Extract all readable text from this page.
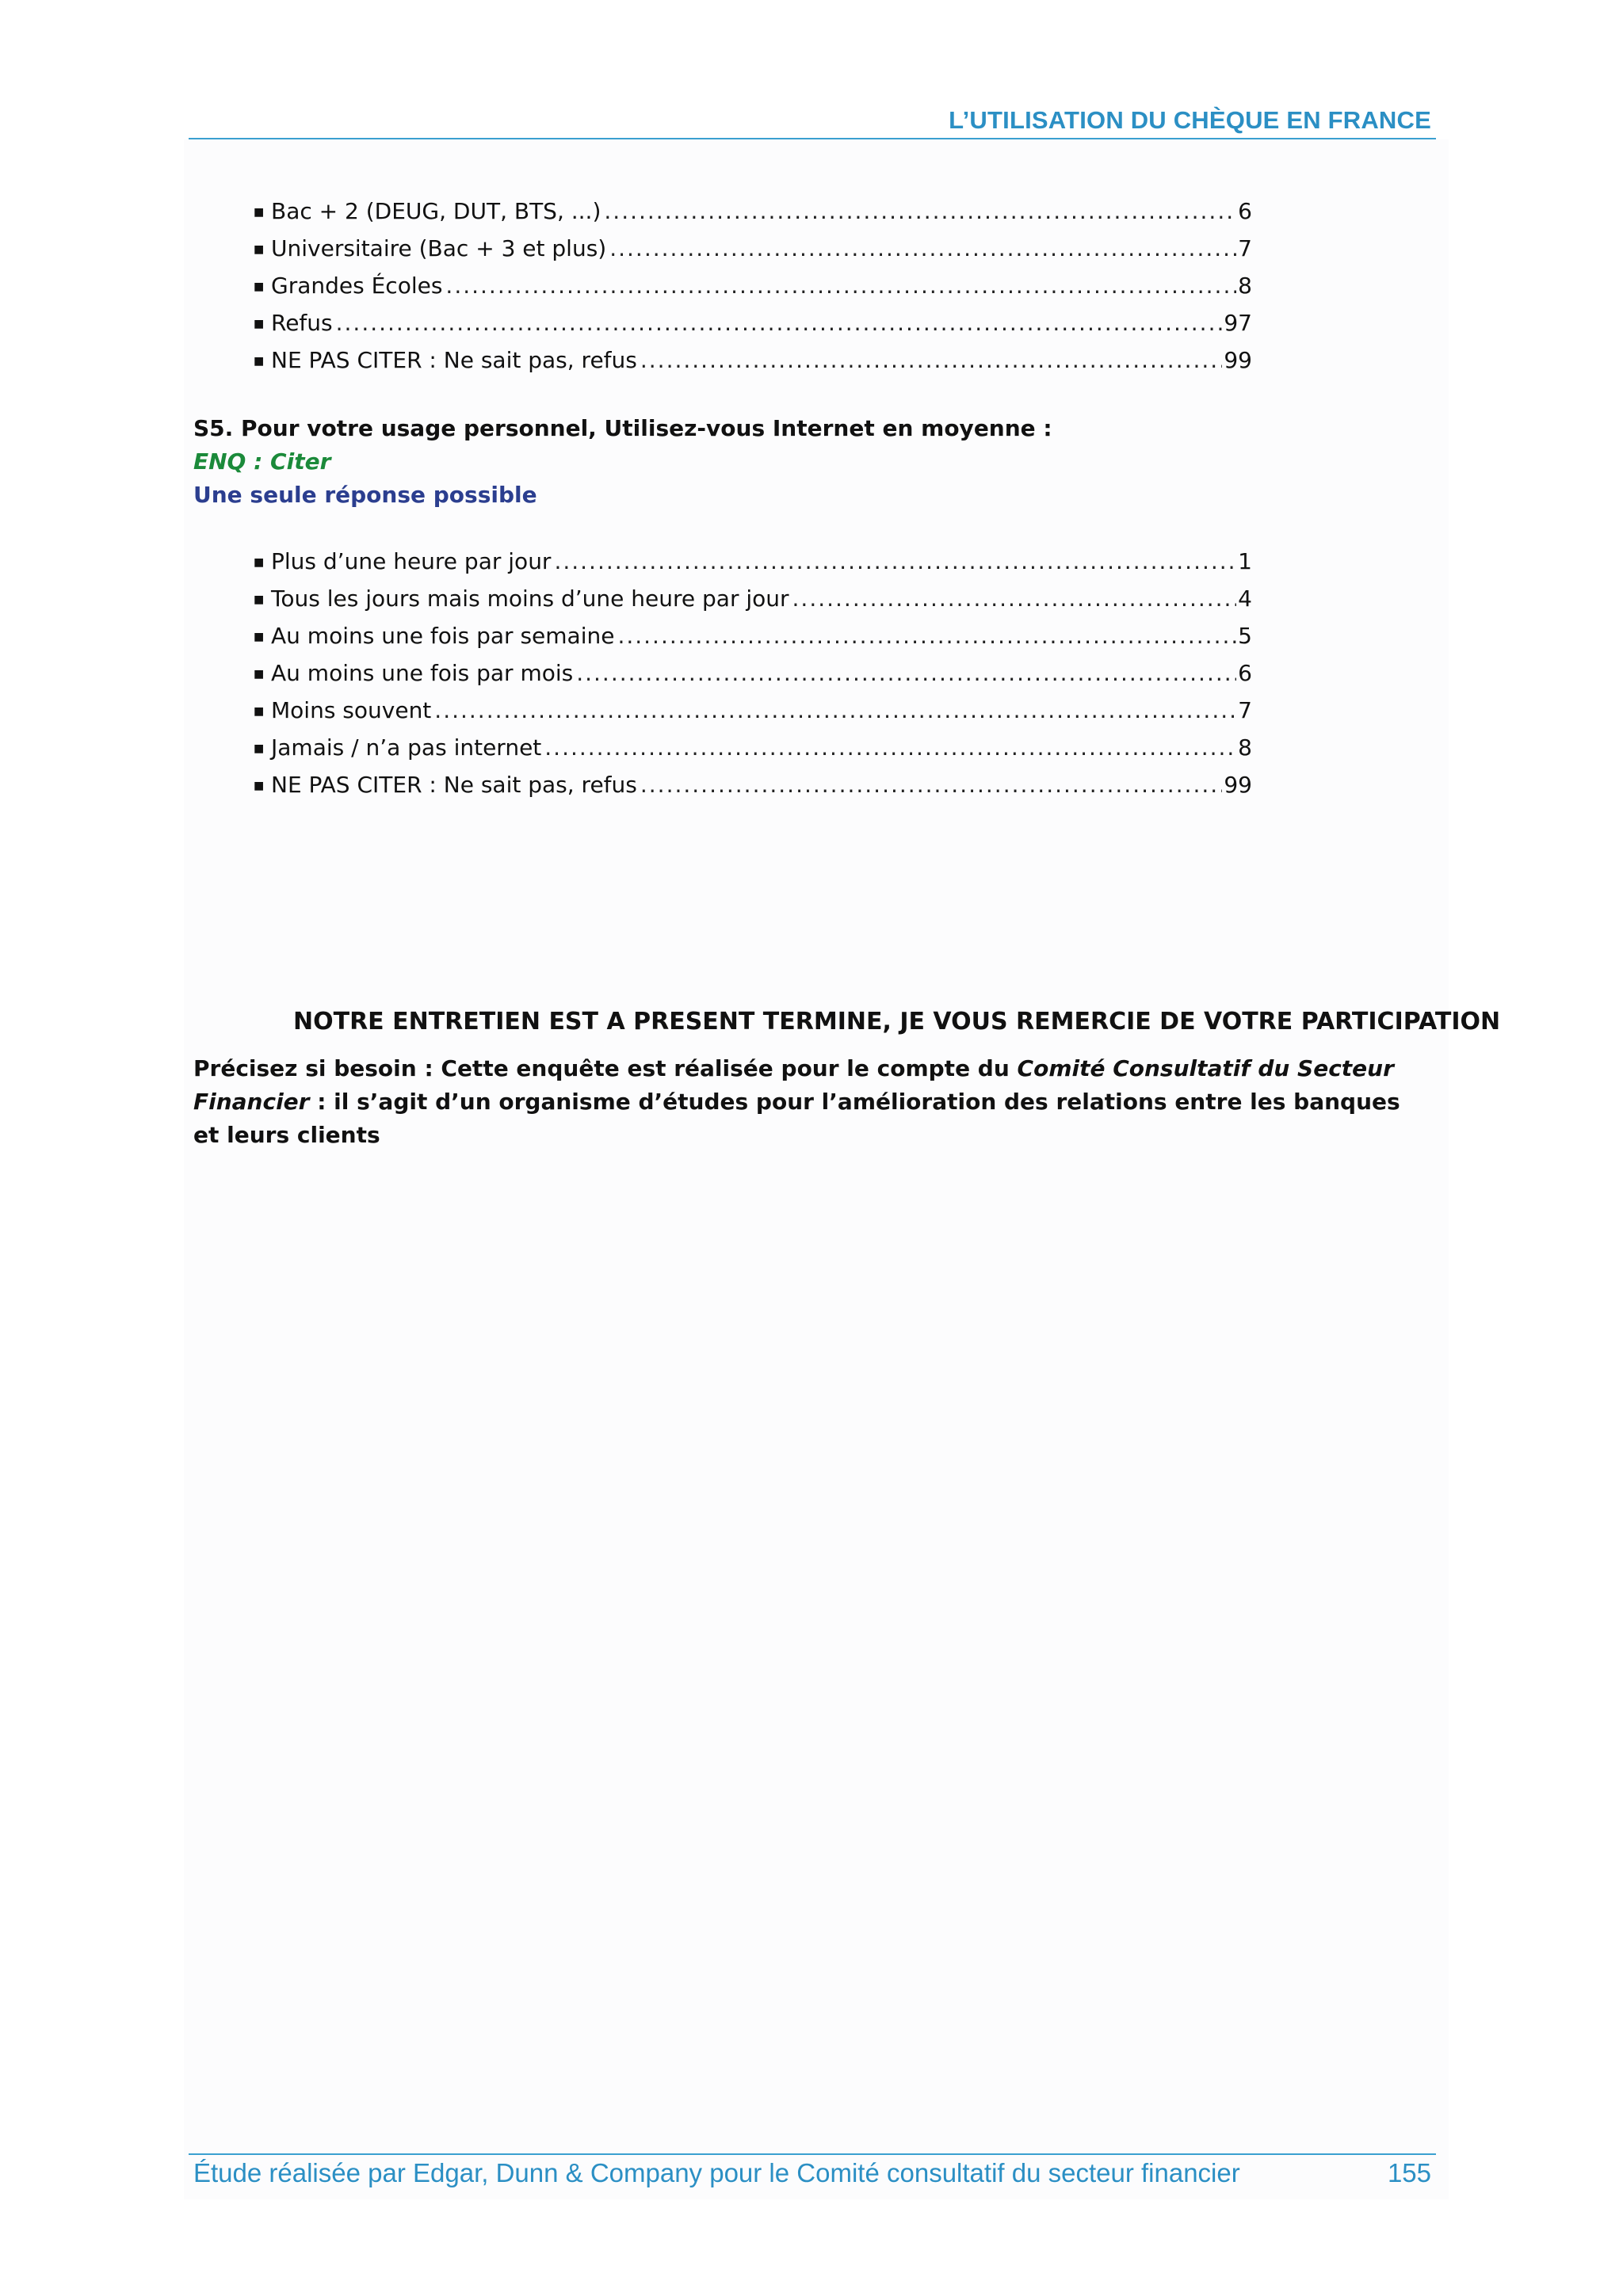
L’UTILISATION DU CHÈQUE EN FRANCE
■ Bac + 2 (DEUG, DUT, BTS, ...) .....	6
■ Universitaire (Bac + 3 et plus) .....	7
■ Grandes Écoles .....	8
■ Refus .....	97
■ NE PAS CITER : Ne sait pas, refus .....	99
S5. Pour votre usage personnel, Utilisez-vous Internet en moyenne :
ENQ : Citer
Une seule réponse possible
■ Plus d’une heure par jour .....	1
■ Tous les jours mais moins d’une heure par jour .....	4
■ Au moins une fois par semaine .....	5
■ Au moins une fois par mois .....	6
■ Moins souvent .....	7
■ Jamais / n’a pas internet .....	8
■ NE PAS CITER : Ne sait pas, refus .....	99
NOTRE ENTRETIEN EST A PRESENT TERMINE, JE VOUS REMERCIE DE VOTRE PARTICIPATION
Précisez si besoin : Cette enquête est réalisée pour le compte du Comité Consultatif du Secteur Financier : il s’agit d’un organisme d’études pour l’amélioration des relations entre les banques et leurs clients
Étude réalisée par Edgar, Dunn & Company pour le Comité consultatif du secteur financier	155
